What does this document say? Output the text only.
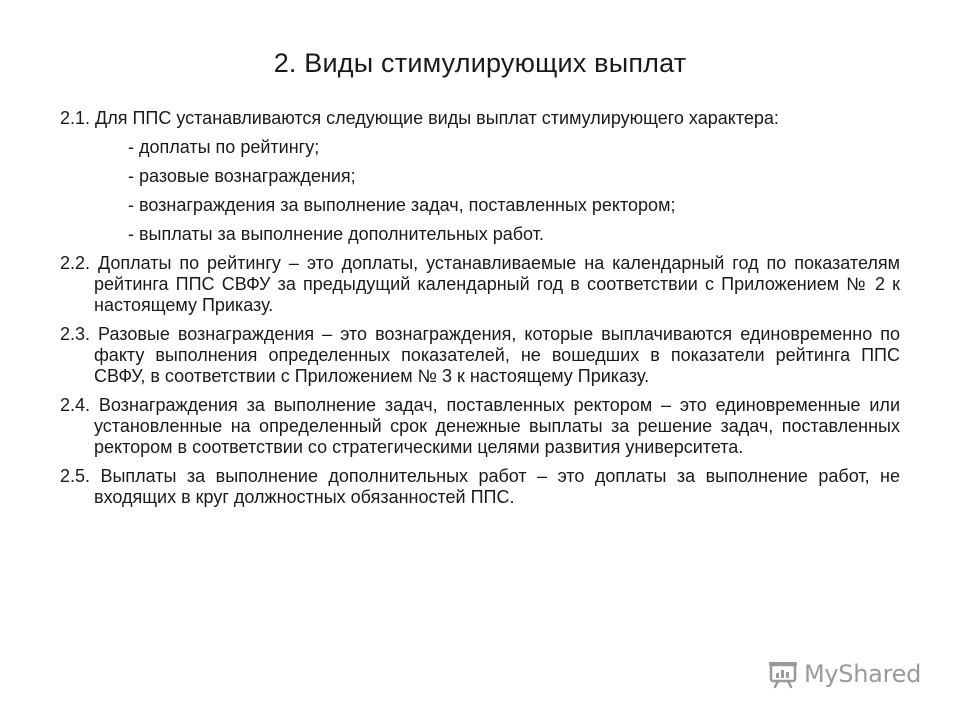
2. Виды стимулирующих выплат

2.1. Для ППС устанавливаются следующие виды выплат стимулирующего характера:

- доплаты по рейтингу;
- разовые вознаграждения;
- вознаграждения за выполнение задач, поставленных ректором;
- выплаты за выполнение дополнительных работ.

2.2. Доплаты по рейтингу – это доплаты, устанавливаемые на календарный год по показателям рейтинга ППС СВФУ за предыдущий календарный год в соответствии с Приложением № 2 к настоящему Приказу.

2.3. Разовые вознаграждения – это вознаграждения, которые выплачиваются единовременно по факту выполнения определенных показателей, не вошедших в показатели рейтинга ППС СВФУ, в соответствии с Приложением № 3 к настоящему Приказу.

2.4. Вознаграждения за выполнение задач, поставленных ректором – это единовременные или установленные на определенный срок денежные выплаты за решение задач, поставленных ректором в соответствии со стратегическими целями развития университета.

2.5. Выплаты за выполнение дополнительных работ – это доплаты за выполнение работ, не входящих в круг должностных обязанностей ППС.

MyShared
